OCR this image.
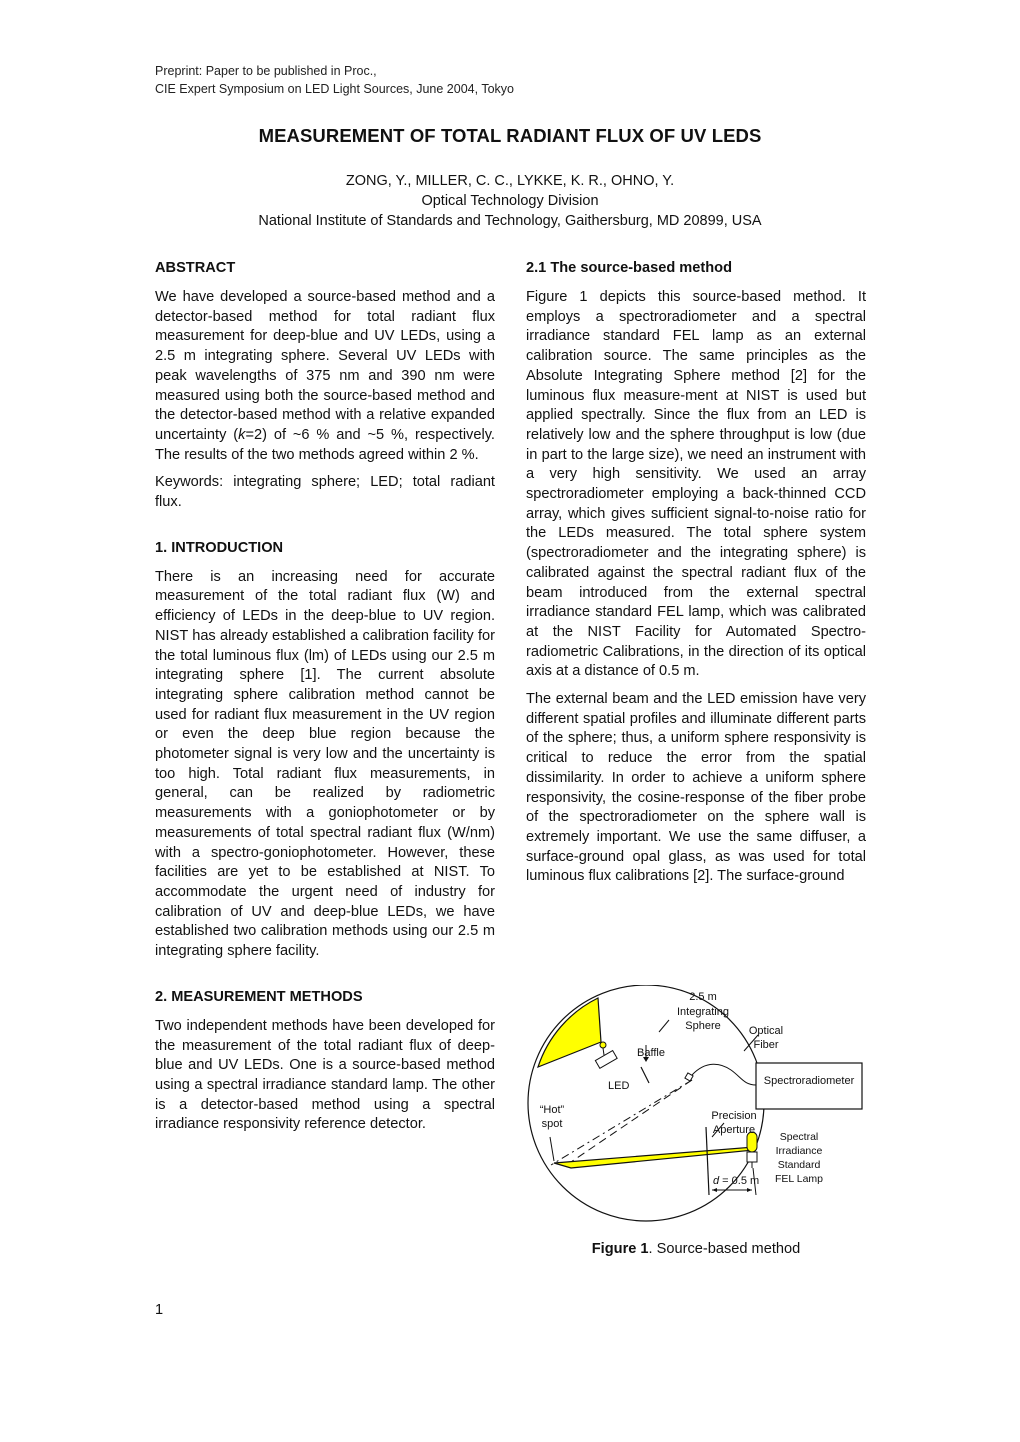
Preprint: Paper to be published in Proc.,
CIE Expert Symposium on LED Light Sources, June 2004, Tokyo
MEASUREMENT OF TOTAL RADIANT FLUX OF UV LEDS
ZONG, Y., MILLER, C. C., LYKKE, K. R., OHNO, Y.
Optical Technology Division
National Institute of Standards and Technology, Gaithersburg, MD 20899, USA
ABSTRACT

We have developed a source-based method and a detector-based method for total radiant flux measurement for deep-blue and UV LEDs, using a 2.5 m integrating sphere. Several UV LEDs with peak wavelengths of 375 nm and 390 nm were measured using both the source-based method and the detector-based method with a relative expanded uncertainty (k=2) of ~6 % and ~5 %, respectively. The results of the two methods agreed within 2 %.

Keywords: integrating sphere; LED; total radiant flux.

1. INTRODUCTION

There is an increasing need for accurate measurement of the total radiant flux (W) and efficiency of LEDs in the deep-blue to UV region. NIST has already established a calibration facility for the total luminous flux (lm) of LEDs using our 2.5 m integrating sphere [1]. The current absolute integrating sphere calibration method cannot be used for radiant flux measurement in the UV region or even the deep blue region because the photometer signal is very low and the uncertainty is too high. Total radiant flux measurements, in general, can be realized by radiometric measurements with a goniophotometer or by measurements of total spectral radiant flux (W/nm) with a spectro-goniophotometer. However, these facilities are yet to be established at NIST. To accommodate the urgent need of industry for calibration of UV and deep-blue LEDs, we have established two calibration methods using our 2.5 m integrating sphere facility.

2. MEASUREMENT METHODS

Two independent methods have been developed for the measurement of the total radiant flux of deep-blue and UV LEDs. One is a source-based method using a spectral irradiance standard lamp. The other is a detector-based method using a spectral irradiance responsivity reference detector.

2.1 The source-based method

Figure 1 depicts this source-based method. It employs a spectroradiometer and a spectral irradiance standard FEL lamp as an external calibration source. The same principles as the Absolute Integrating Sphere method [2] for the luminous flux measure-ment at NIST is used but applied spectrally. Since the flux from an LED is relatively low and the sphere throughput is low (due in part to the large size), we need an instrument with a very high sensitivity. We used an array spectroradiometer employing a back-thinned CCD array, which gives sufficient signal-to-noise ratio for the LEDs measured. The total sphere system (spectroradiometer and the integrating sphere) is calibrated against the spectral radiant flux of the beam introduced from the external spectral irradiance standard FEL lamp, which was calibrated at the NIST Facility for Automated Spectro-radiometric Calibrations, in the direction of its optical axis at a distance of 0.5 m.

The external beam and the LED emission have very different spatial profiles and illuminate different parts of the sphere; thus, a uniform sphere responsivity is critical to reduce the error from the spatial dissimilarity. In order to achieve a uniform sphere responsivity, the cosine-response of the fiber probe of the spectroradiometer on the sphere wall is extremely important. We use the same diffuser, a surface-ground opal glass, as was used for total luminous flux calibrations [2]. The surface-ground

2.5 m
Integrating
Sphere	Optical
Fiber
Baffle
Spectroradiometer
LED
“Hot”
spot
Precision
Aperture
Spectral
Irradiance
Standard
FEL Lamp
d = 0.5 m
Figure 1. Source-based method
1
